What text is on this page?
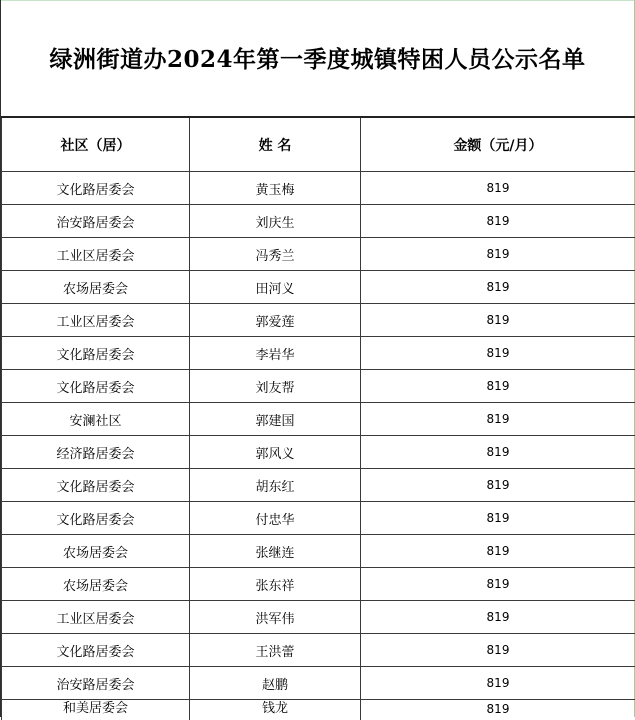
绿洲街道办2024年第一季度城镇特困人员公示名单
社区（居）	姓 名	金额（元/月）
文化路居委会	黄玉梅	819
治安路居委会	刘庆生	819
工业区居委会	冯秀兰	819
农场居委会	田河义	819
工业区居委会	郭爱莲	819
文化路居委会	李岩华	819
文化路居委会	刘友帮	819
安澜社区	郭建国	819
经济路居委会	郭风义	819
文化路居委会	胡东红	819
文化路居委会	付忠华	819
农场居委会	张继连	819
农场居委会	张东祥	819
工业区居委会	洪军伟	819
文化路居委会	王洪蕾	819
治安路居委会	赵鹏	819
和美居委会	钱龙	819
